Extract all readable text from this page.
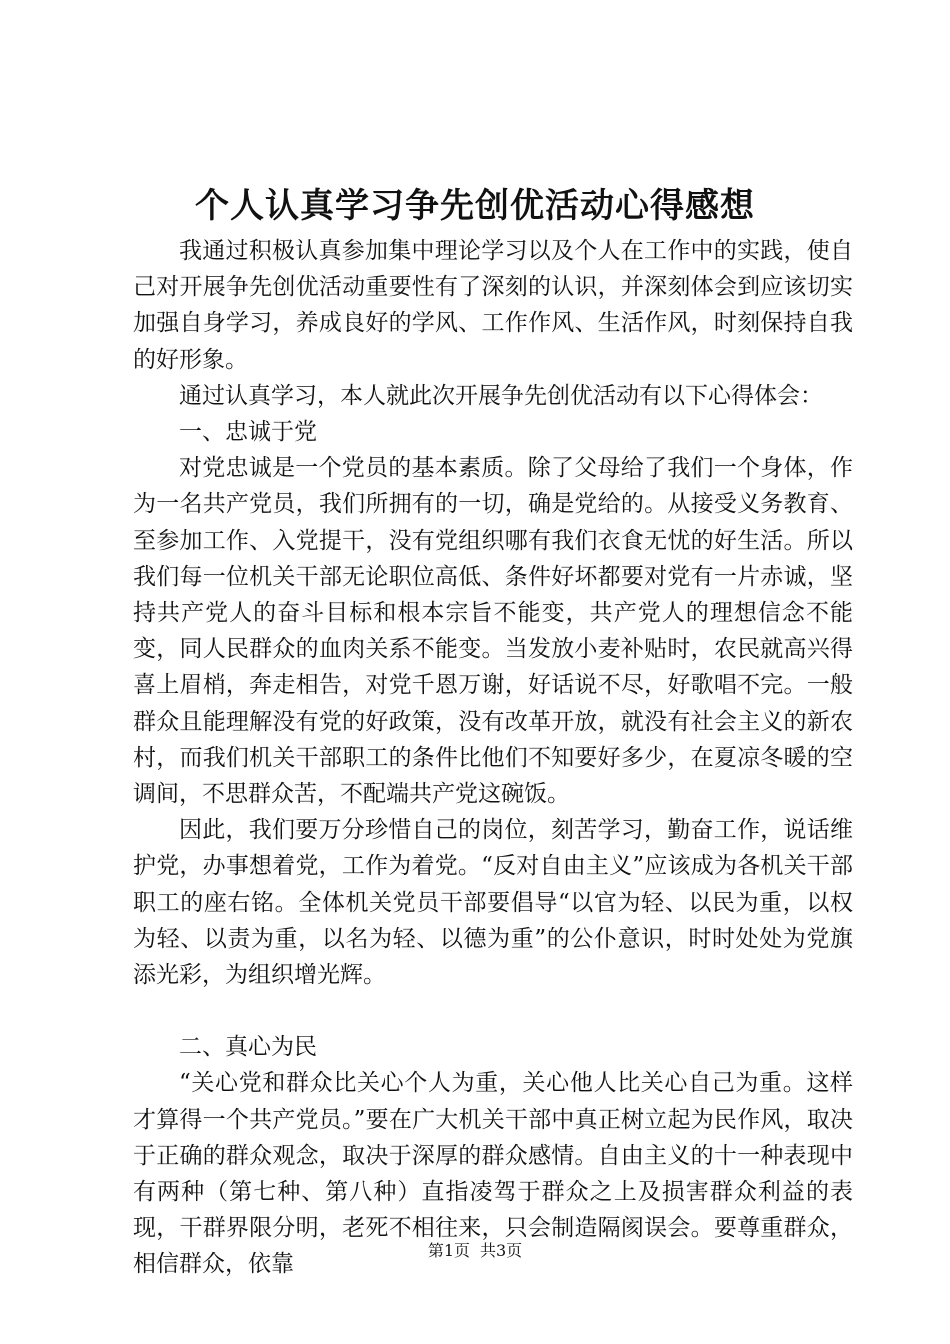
个人认真学习争先创优活动心得感想

我通过积极认真参加集中理论学习以及个人在工作中的实践，使自己对开展争先创优活动重要性有了深刻的认识，并深刻体会到应该切实加强自身学习，养成良好的学风、工作作风、生活作风，时刻保持自我的好形象。

通过认真学习，本人就此次开展争先创优活动有以下心得体会：

一、忠诚于党

对党忠诚是一个党员的基本素质。除了父母给了我们一个身体，作为一名共产党员，我们所拥有的一切，确是党给的。从接受义务教育、至参加工作、入党提干，没有党组织哪有我们衣食无忧的好生活。所以我们每一位机关干部无论职位高低、条件好坏都要对党有一片赤诚，坚持共产党人的奋斗目标和根本宗旨不能变，共产党人的理想信念不能变，同人民群众的血肉关系不能变。当发放小麦补贴时，农民就高兴得喜上眉梢，奔走相告，对党千恩万谢，好话说不尽，好歌唱不完。一般群众且能理解没有党的好政策，没有改革开放，就没有社会主义的新农村，而我们机关干部职工的条件比他们不知要好多少，在夏凉冬暖的空调间，不思群众苦，不配端共产党这碗饭。

因此，我们要万分珍惜自己的岗位，刻苦学习，勤奋工作，说话维护党，办事想着党，工作为着党。“反对自由主义”应该成为各机关干部职工的座右铭。全体机关党员干部要倡导“以官为轻、以民为重，以权为轻、以责为重，以名为轻、以德为重”的公仆意识，时时处处为党旗添光彩，为组织增光辉。

二、真心为民

“关心党和群众比关心个人为重，关心他人比关心自己为重。这样才算得一个共产党员。”要在广大机关干部中真正树立起为民作风，取决于正确的群众观念，取决于深厚的群众感情。自由主义的十一种表现中有两种（第七种、第八种）直指凌驾于群众之上及损害群众利益的表现，干群界限分明，老死不相往来，只会制造隔阂误会。要尊重群众，相信群众，依靠

第1页 共3页
